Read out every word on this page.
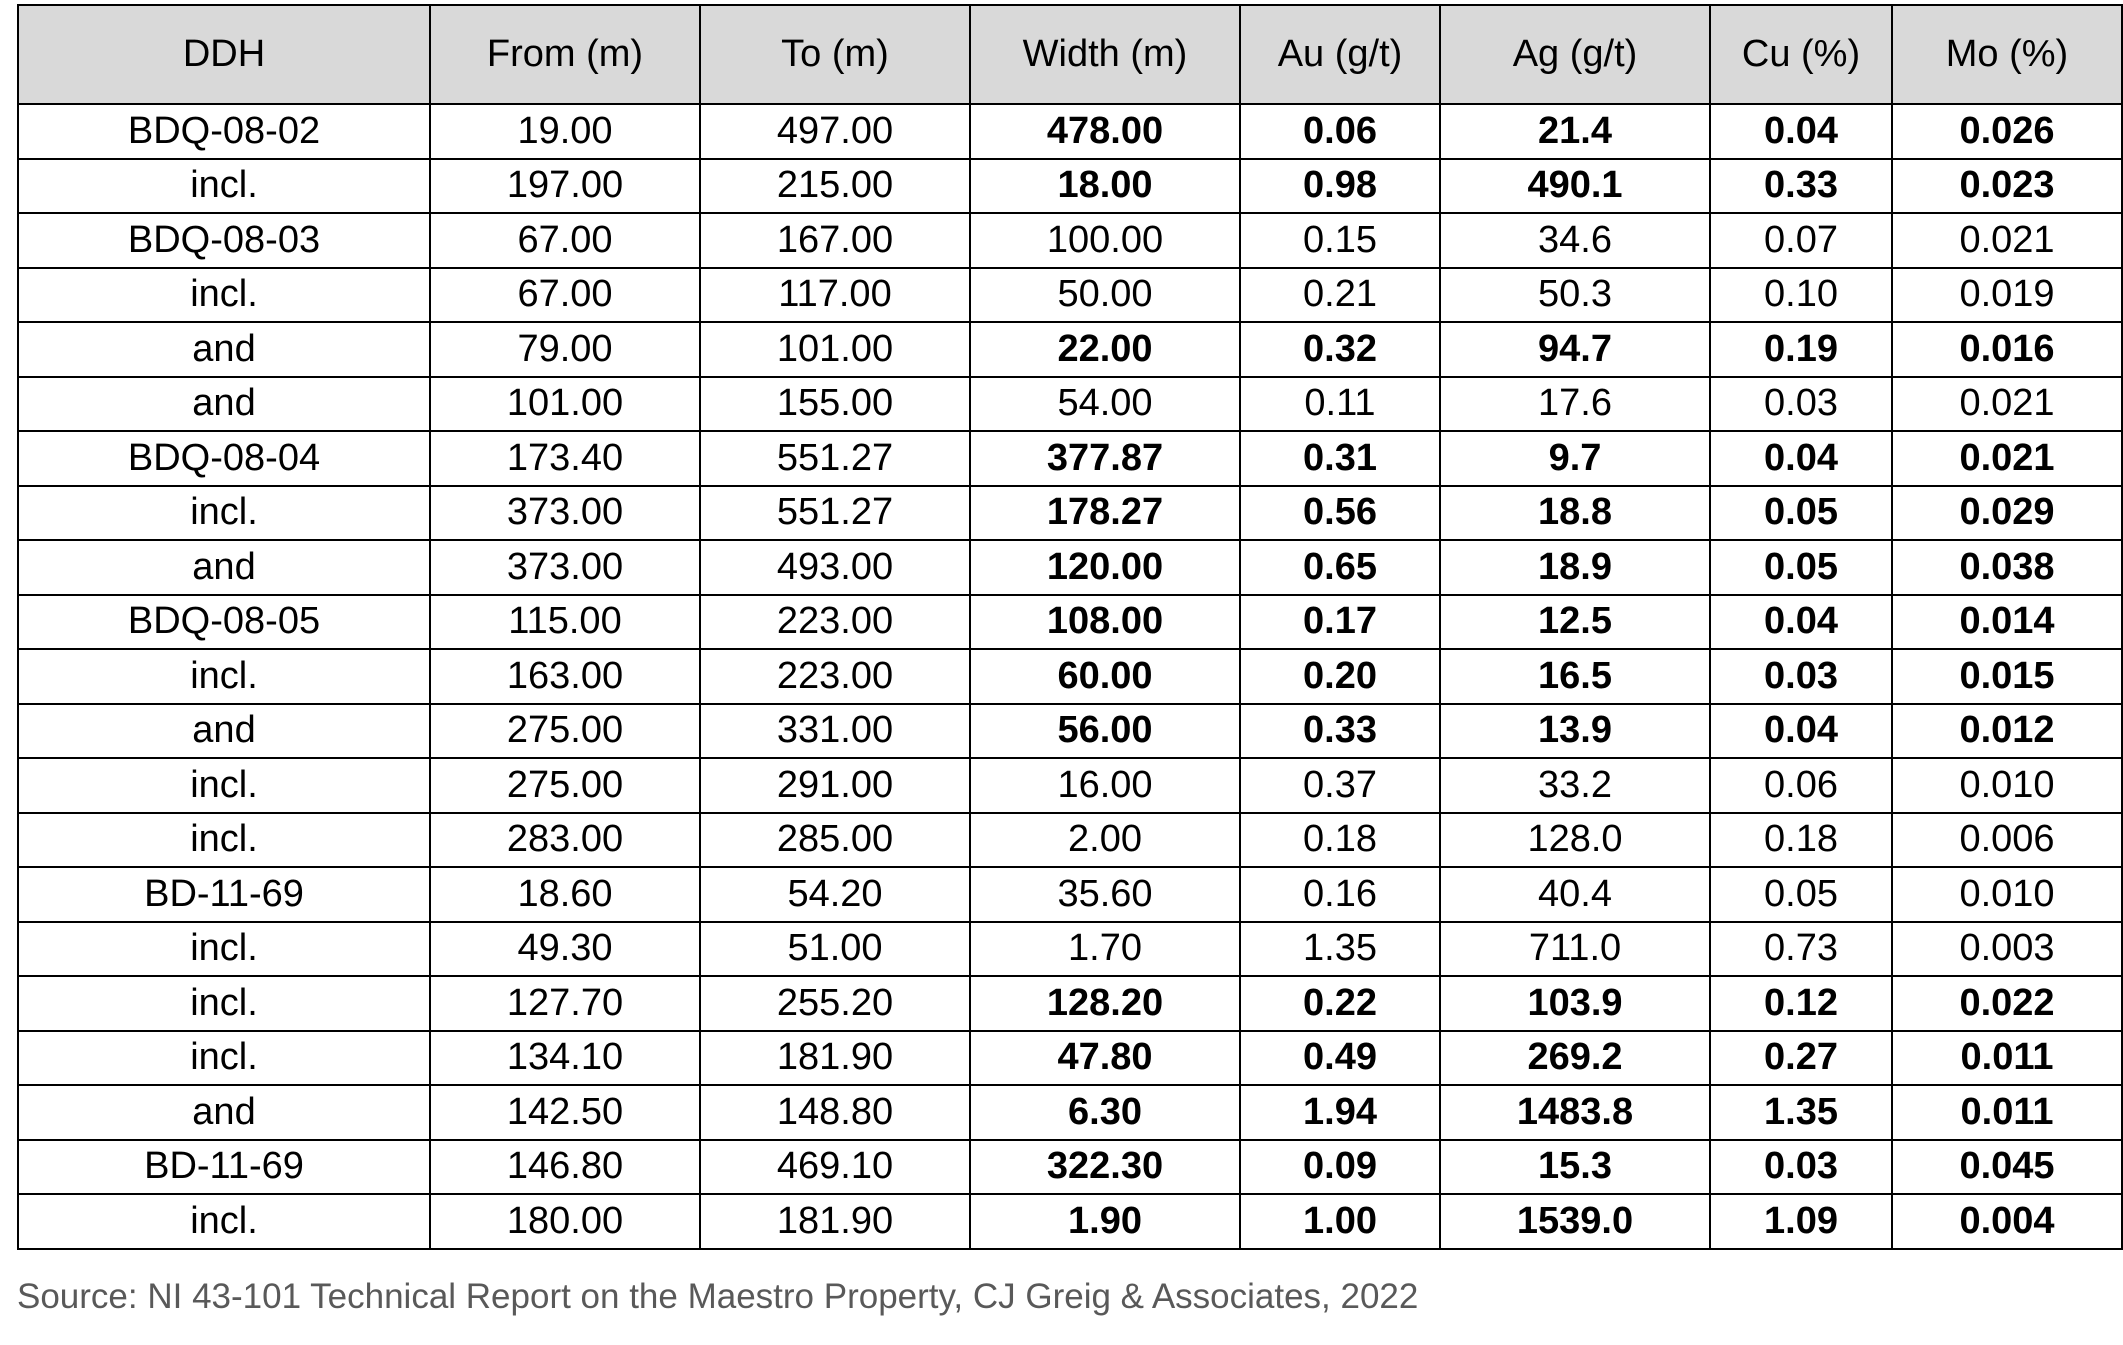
DDH	From (m)	To (m)	Width (m)	Au (g/t)	Ag (g/t)	Cu (%)	Mo (%)
BDQ-08-02	19.00	497.00	478.00	0.06	21.4	0.04	0.026
incl.	197.00	215.00	18.00	0.98	490.1	0.33	0.023
BDQ-08-03	67.00	167.00	100.00	0.15	34.6	0.07	0.021
incl.	67.00	117.00	50.00	0.21	50.3	0.10	0.019
and	79.00	101.00	22.00	0.32	94.7	0.19	0.016
and	101.00	155.00	54.00	0.11	17.6	0.03	0.021
BDQ-08-04	173.40	551.27	377.87	0.31	9.7	0.04	0.021
incl.	373.00	551.27	178.27	0.56	18.8	0.05	0.029
and	373.00	493.00	120.00	0.65	18.9	0.05	0.038
BDQ-08-05	115.00	223.00	108.00	0.17	12.5	0.04	0.014
incl.	163.00	223.00	60.00	0.20	16.5	0.03	0.015
and	275.00	331.00	56.00	0.33	13.9	0.04	0.012
incl.	275.00	291.00	16.00	0.37	33.2	0.06	0.010
incl.	283.00	285.00	2.00	0.18	128.0	0.18	0.006
BD-11-69	18.60	54.20	35.60	0.16	40.4	0.05	0.010
incl.	49.30	51.00	1.70	1.35	711.0	0.73	0.003
incl.	127.70	255.20	128.20	0.22	103.9	0.12	0.022
incl.	134.10	181.90	47.80	0.49	269.2	0.27	0.011
and	142.50	148.80	6.30	1.94	1483.8	1.35	0.011
BD-11-69	146.80	469.10	322.30	0.09	15.3	0.03	0.045
incl.	180.00	181.90	1.90	1.00	1539.0	1.09	0.004
Source: NI 43-101 Technical Report on the Maestro Property, CJ Greig & Associates, 2022
